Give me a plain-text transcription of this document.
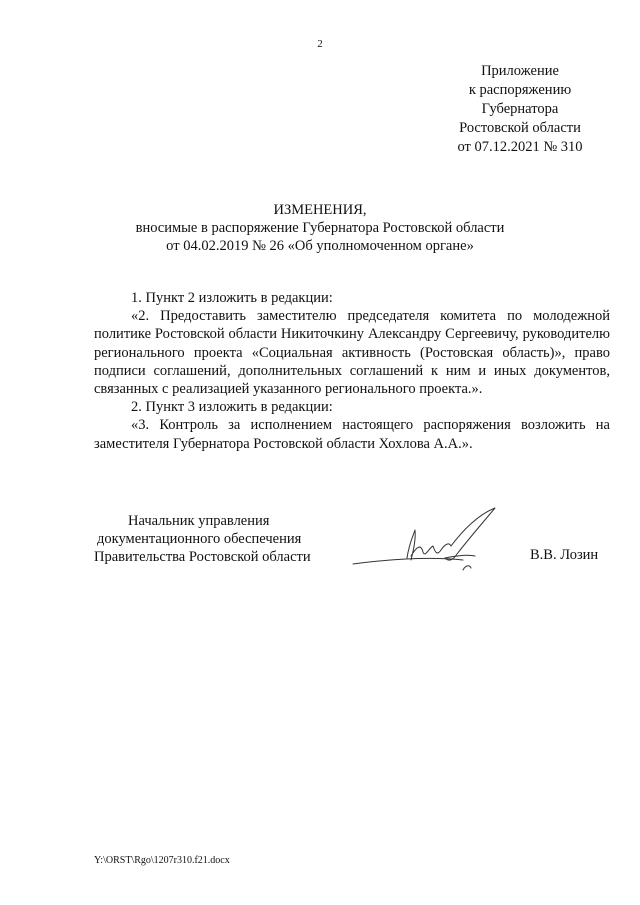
2
Приложение
к распоряжению
Губернатора
Ростовской области
от 07.12.2021 № 310
ИЗМЕНЕНИЯ,
вносимые в распоряжение Губернатора Ростовской области
от 04.02.2019 № 26 «Об уполномоченном органе»

1. Пункт 2 изложить в редакции:

«2. Предоставить заместителю председателя комитета по молодежной политике Ростовской области Никиточкину Александру Сергеевичу, руководителю регионального проекта «Социальная активность (Ростовская область)», право подписи соглашений, дополнительных соглашений к ним и иных документов, связанных с реализацией указанного регионального проекта.».

2. Пункт 3 изложить в редакции:

«3. Контроль за исполнением настоящего распоряжения возложить на заместителя Губернатора Ростовской области Хохлова А.А.».

Начальник управления
документационного обеспечения
Правительства Ростовской области	В.В. Лозин
Y:\ORST\Rgo\1207r310.f21.docx
